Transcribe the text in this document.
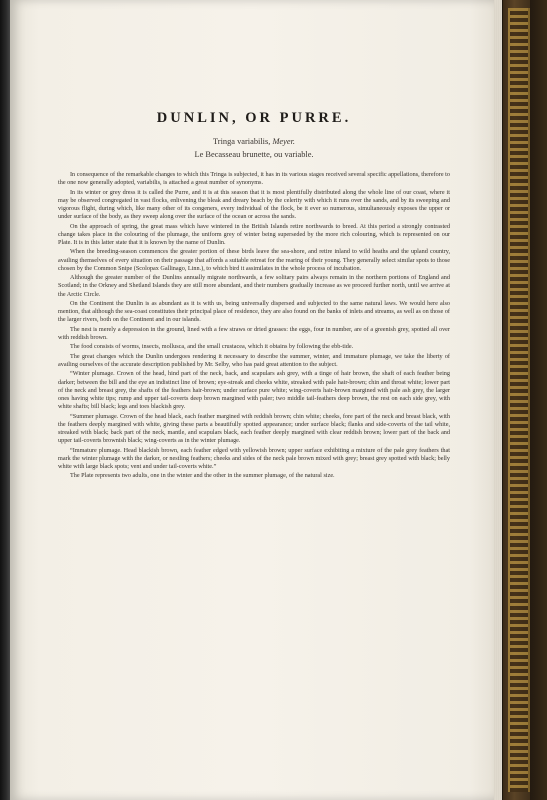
DUNLIN, OR PURRE.

Tringa variabilis, Meyer.

Le Becasseau brunette, ou variable.

In consequence of the remarkable changes to which this Tringa is subjected, it has in its various stages received several specific appellations, therefore to the one now generally adopted, variabilis, is attached a great number of synonyms.

In its winter or grey dress it is called the Purre, and it is at this season that it is most plentifully distributed along the whole line of our coast, where it may be observed congregated in vast flocks, enlivening the bleak and dreary beach by the celerity with which it runs over the sands, and by its sweeping and vigorous flight, during which, like many other of its congeners, every individual of the flock, be it ever so numerous, simultaneously exposes the upper or under surface of the body, as they sweep along over the surface of the ocean or across the sands.

On the approach of spring, the great mass which have wintered in the British Islands retire northwards to breed. At this period a strongly contrasted change takes place in the colouring of the plumage, the uniform grey of winter being superseded by the more rich colouring, which is represented on our Plate. It is in this latter state that it is known by the name of Dunlin.

When the breeding-season commences the greater portion of these birds leave the sea-shore, and retire inland to wild heaths and the upland country, availing themselves of every situation on their passage that affords a suitable retreat for the rearing of their young. They generally select similar spots to those chosen by the Common Snipe (Scolopax Gallinago, Linn.), to which bird it assimilates in the whole process of incubation.

Although the greater number of the Dunlins annually migrate northwards, a few solitary pairs always remain in the northern portions of England and Scotland; in the Orkney and Shetland Islands they are still more abundant, and their numbers gradually increase as we proceed further north, until we arrive at the Arctic Circle.

On the Continent the Dunlin is as abundant as it is with us, being universally dispersed and subjected to the same natural laws. We would here also mention, that although the sea-coast constitutes their principal place of residence, they are also found on the banks of inlets and streams, as well as on those of the larger rivers, both on the Continent and in our islands.

The nest is merely a depression in the ground, lined with a few straws or dried grasses: the eggs, four in number, are of a greenish grey, spotted all over with reddish brown.

The food consists of worms, insects, mollusca, and the small crustacea, which it obtains by following the ebb-tide.

The great changes which the Dunlin undergoes rendering it necessary to describe the summer, winter, and immature plumage, we take the liberty of availing ourselves of the accurate description published by Mr. Selby, who has paid great attention to the subject.

“Winter plumage. Crown of the head, hind part of the neck, back, and scapulars ash grey, with a tinge of hair brown, the shaft of each feather being darker; between the bill and the eye an indistinct line of brown; eye-streak and cheeks white, streaked with pale hair-brown; chin and throat white; lower part of the neck and breast grey, the shafts of the feathers hair-brown; under surface pure white; wing-coverts hair-brown margined with pale ash grey, the larger ones having white tips; rump and upper tail-coverts deep brown margined with paler; two middle tail-feathers deep brown, the rest on each side grey, with white shafts; bill black; legs and toes blackish grey.

“Summer plumage. Crown of the head black, each feather margined with reddish brown; chin white; cheeks, fore part of the neck and breast black, with the feathers deeply margined with white, giving these parts a beautifully spotted appearance; under surface black; flanks and side-coverts of the tail white, streaked with black; back part of the neck, mantle, and scapulars black, each feather deeply margined with clear reddish brown; lower part of the back and upper tail-coverts brownish black; wing-coverts as in the winter plumage.

“Immature plumage. Head blackish brown, each feather edged with yellowish brown; upper surface exhibiting a mixture of the pale grey feathers that mark the winter plumage with the darker, or nestling feathers; cheeks and sides of the neck pale brown mixed with grey; breast grey spotted with black; belly white with large black spots; vent and under tail-coverts white.”

The Plate represents two adults, one in the winter and the other in the summer plumage, of the natural size.
